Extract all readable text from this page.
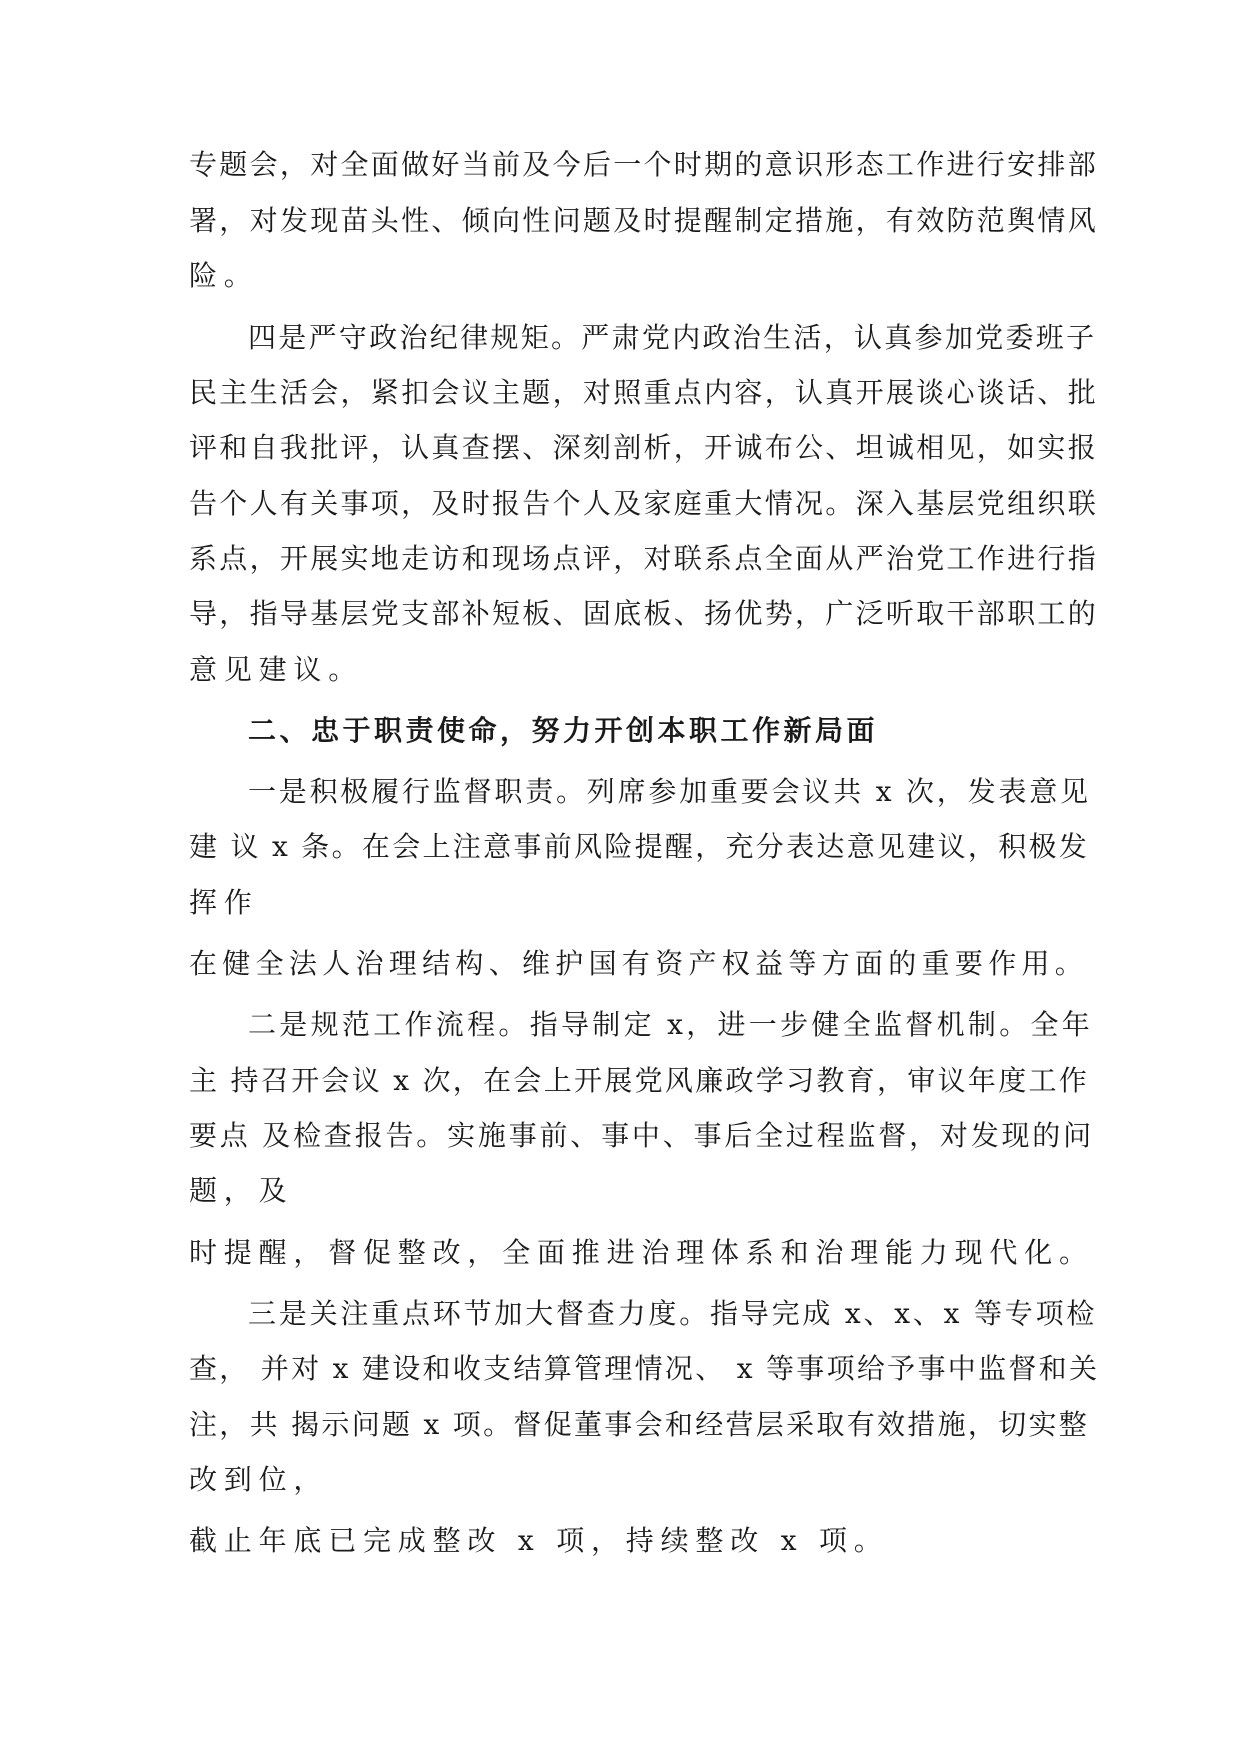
专题会，对全面做好当前及今后一个时期的意识形态工作进行安排部
署，对发现苗头性、倾向性问题及时提醒制定措施，有效防范舆情风
险。
四是严守政治纪律规矩。严肃党内政治生活，认真参加党委班子
民主生活会，紧扣会议主题，对照重点内容，认真开展谈心谈话、批
评和自我批评，认真查摆、深刻剖析，开诚布公、坦诚相见，如实报
告个人有关事项，及时报告个人及家庭重大情况。深入基层党组织联
系点，开展实地走访和现场点评，对联系点全面从严治党工作进行指
导，指导基层党支部补短板、固底板、扬优势，广泛听取干部职工的
意见建议。
二、忠于职责使命，努力开创本职工作新局面
一是积极履行监督职责。列席参加重要会议共 x 次，发表意见
建 议 x 条。在会上注意事前风险提醒，充分表达意见建议，积极发
挥作
在健全法人治理结构、维护国有资产权益等方面的重要作用。
二是规范工作流程。指导制定 x，进一步健全监督机制。全年
主 持召开会议 x 次，在会上开展党风廉政学习教育，审议年度工作
要点 及检查报告。实施事前、事中、事后全过程监督，对发现的问
题，及
时提醒，督促整改，全面推进治理体系和治理能力现代化。
三是关注重点环节加大督查力度。指导完成 x、x、x 等专项检
查， 并对 x 建设和收支结算管理情况、 x 等事项给予事中监督和关
注，共 揭示问题 x 项。督促董事会和经营层采取有效措施，切实整
改到位，
截止年底已完成整改 x 项，持续整改 x 项。
